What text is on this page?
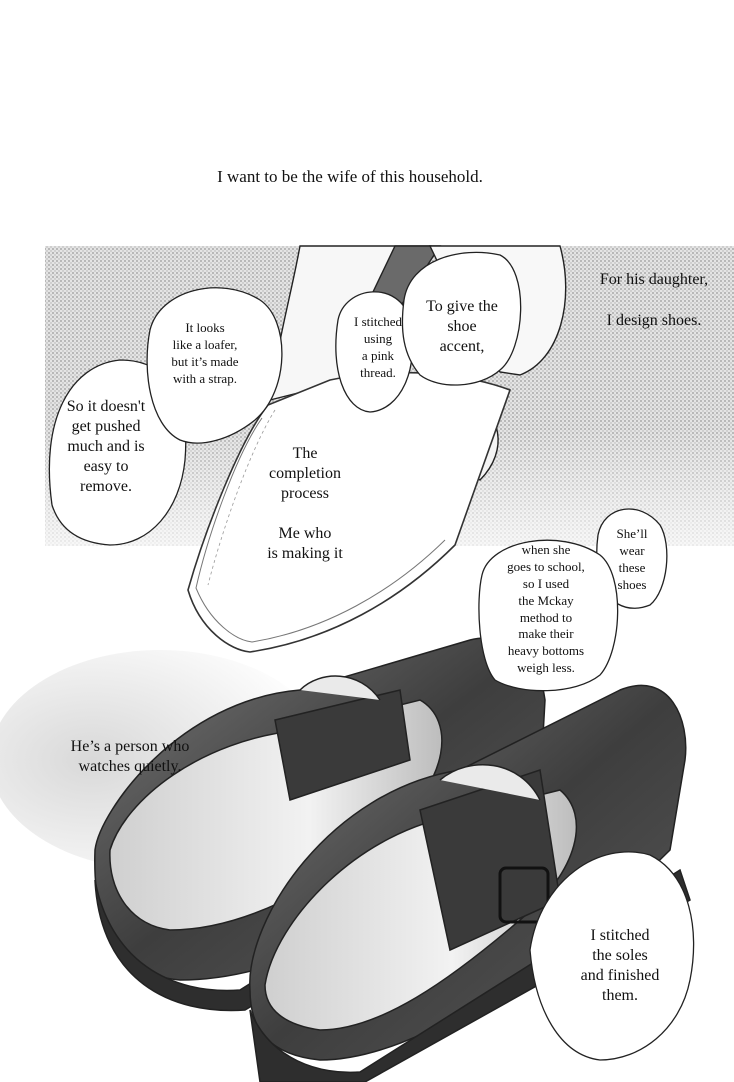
I want to be the wife of this household.
For his daughter,
I design shoes.
So it doesn't
get pushed
much and is
easy to
remove.
It looks
like a loafer,
but it’s made
with a strap.
I stitched
using
a pink
thread.
To give the
shoe
accent,
The
completion
process
Me who
is making it
She’ll
wear
these
shoes
when she
goes to school,
so I used
the Mckay
method to
make their
heavy bottoms
weigh less.
He’s a person who
watches quietly.
I stitched
the soles
and finished
them.
